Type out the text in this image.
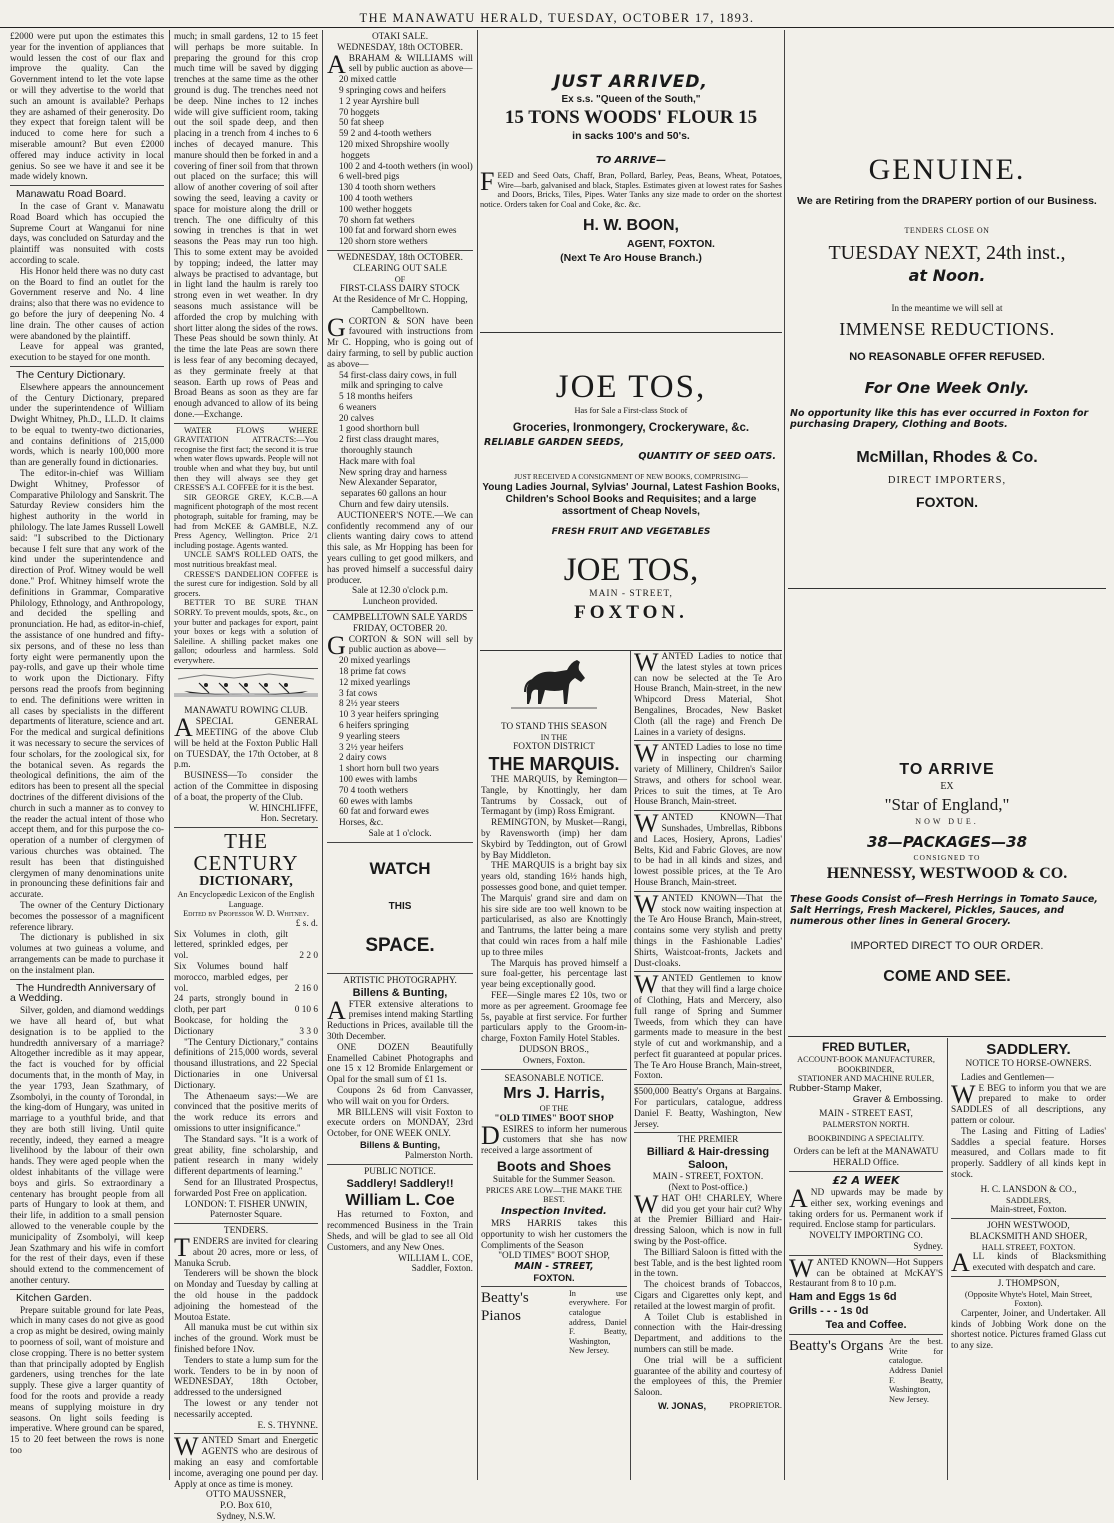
THE MANAWATU HERALD, TUESDAY, OCTOBER 17, 1893.

£2000 were put upon the estimates this year for the invention of appliances that would lessen the cost of our flax and improve the quality. Can the Government intend to let the vote lapse or will they advertise to the world that such an amount is available? Perhaps they are ashamed of their generosity. Do they expect that foreign talent will be induced to come here for such a miserable amount? But even £2000 offered may induce activity in local genius. So see we have it and see it be made widely known.

Manawatu Road Board.

In the case of Grant v. Manawatu Road Board which has occupied the Supreme Court at Wanganui for nine days, was concluded on Saturday and the plaintiff was nonsuited with costs according to scale.

His Honor held there was no duty cast on the Board to find an outlet for the Government reserve and No. 4 line drains; also that there was no evidence to go before the jury of deepening No. 4 line drain. The other causes of action were abandoned by the plaintiff.

Leave for appeal was granted, execution to be stayed for one month.

The Century Dictionary.

Elsewhere appears the announcement of the Century Dictionary, prepared under the superintendence of William Dwight Whitney, Ph.D., LL.D. It claims to be equal to twenty-two dictionaries, and contains definitions of 215,000 words, which is nearly 100,000 more than are generally found in dictionaries.

The editor-in-chief was William Dwight Whitney, Professor of Comparative Philology and Sanskrit. The Saturday Review considers him the highest authority in the world in philology. The late James Russell Lowell said: "I subscribed to the Dictionary because I felt sure that any work of the kind under the superintendence and direction of Prof. Witney would be well done." Prof. Whitney himself wrote the definitions in Grammar, Comparative Philology, Ethnology, and Anthropology, and decided the spelling and pronunciation. He had, as editor-in-chief, the assistance of one hundred and fifty-six persons, and of these no less than forty eight were permanently upon the pay-rolls, and gave up their whole time to work upon the Dictionary. Fifty persons read the proofs from beginning to end. The definitions were written in all cases by specialists in the different departments of literature, science and art. For the medical and surgical definitions it was necessary to secure the services of four scholars, for the zoological six, for the botanical seven. As regards the theological definitions, the aim of the editors has been to present all the special doctrines of the different divisions of the church in such a manner as to convey to the reader the actual intent of those who accept them, and for this purpose the co-operation of a number of clergymen of various churches was obtained. The result has been that distinguished clergymen of many denominations unite in pronouncing these definitions fair and accurate.

The owner of the Century Dictionary becomes the possessor of a magnificent reference library.

The dictionary is published in six volumes at two guineas a volume, and arrangements can be made to purchase it on the instalment plan.

The Hundredth Anniversary of a Wedding.

Silver, golden, and diamond weddings we have all heard of, but what designation is to be applied to the hundredth anniversary of a marriage? Altogether incredible as it may appear, the fact is vouched for by official documents that, in the month of May, in the year 1793, Jean Szathmary, of Zsombolyi, in the county of Torondal, in the king-dom of Hungary, was united in marriage to a youthful bride, and that they are both still living. Until quite recently, indeed, they earned a meagre livelihood by the labour of their own hands. They were aged people when the oldest inhabitants of the village were boys and girls. So extraordinary a centenary has brought people from all parts of Hungary to look at them, and their life, in addition to a small pension allowed to the venerable couple by the municipality of Zsombolyi, will keep Jean Szathmary and his wife in comfort for the rest of their days, even if these should extend to the commencement of another century.

Kitchen Garden.

Prepare suitable ground for late Peas, which in many cases do not give as good a crop as might be desired, owing mainly to poorness of soil, want of moisture and close cropping. There is no better system than that principally adopted by English gardeners, using trenches for the late supply. These give a larger quantity of food for the roots and provide a ready means of supplying moisture in dry seasons. On light soils feeding is imperative. Where ground can be spared, 15 to 20 feet between the rows is none too

much; in small gardens, 12 to 15 feet will perhaps be more suitable. In preparing the ground for this crop much time will be saved by digging trenches at the same time as the other ground is dug. The trenches need not be deep. Nine inches to 12 inches wide will give sufficient room, taking out the soil spade deep, and then placing in a trench from 4 inches to 6 inches of decayed manure. This manure should then be forked in and a covering of finer soil from that thrown out placed on the surface; this will allow of another covering of soil after sowing the seed, leaving a cavity or space for moisture along the drill or trench. The one difficulty of this sowing in trenches is that in wet seasons the Peas may run too high. This to some extent may be avoided by topping; indeed, the latter may always be practised to advantage, but in light land the haulm is rarely too strong even in wet weather. In dry seasons much assistance will be afforded the crop by mulching with short litter along the sides of the rows. These Peas should be sown thinly. At the time the late Peas are sown there is less fear of any becoming decayed, as they germinate freely at that season. Earth up rows of Peas and Broad Beans as soon as they are far enough advanced to allow of its being done.—Exchange.

WATER FLOWS WHERE GRAVITATION ATTRACTS:—You recognise the first fact; the second it is true when water flows upwards. People will not trouble when and what they buy, but until then they will always see they get CRESSE'S A.I. COFFEE for it is the best.

SIR GEORGE GREY, K.C.B.—A magnificent photograph of the most recent photograph, suitable for framing, may be had from McKEE & GAMBLE, N.Z. Press Agency, Wellington. Price 2/1 including postage. Agents wanted.

UNCLE SAM'S ROLLED OATS, the most nutritious breakfast meal.

CRESSE'S DANDELION COFFEE is the surest cure for indigestion. Sold by all grocers.

BETTER TO BE SURE THAN SORRY. To prevent moulds, spots, &c., on your butter and packages for export, paint your boxes or kegs with a solution of Saleiline. A shilling packet makes one gallon; odourless and harmless. Sold everywhere.

MANAWATU ROWING CLUB.

ASPECIAL GENERAL MEETING of the above Club will be held at the Foxton Public Hall on TUESDAY, the 17th October, at 8 p.m.

BUSINESS—To consider the action of the Committee in disposing of a boat, the property of the Club.

W. HINCHLIFFE,
Hon. Secretary.
THE CENTURY
DICTIONARY,
An Encyclopædic Lexicon of the English Language.
Edited by Professor W. D. Whitney.
£ s. d.
Six Volumes in cloth, gilt lettered, sprinkled edges, per vol.	2 2 0
Six Volumes bound half morocco, marbled edges, per vol.	2 16 0
24 parts, strongly bound in cloth, per part	0 10 6
Bookcase, for holding the Dictionary	3 3 0

"The Century Dictionary," contains definitions of 215,000 words, several thousand illustrations, and 22 Special Dictionaries in one Universal Dictionary.

The Athenaeum says:—We are convinced that the positive merits of the work reduce its errors and omissions to utter insignificance."

The Standard says. "It is a work of great ability, fine scholarship, and patient research in many widely different departments of learning."

Send for an Illustrated Prospectus, forwarded Post Free on application.

LONDON: T. FISHER UNWIN, Paternoster Square.

TENDERS.

TENDERS are invited for clearing about 20 acres, more or less, of Manuka Scrub.

Tenderers will be shown the block on Monday and Tuesday by calling at the old house in the paddock adjoining the homestead of the Moutoa Estate.

All manuka must be cut within six inches of the ground. Work must be finished before 1Nov.

Tenders to state a lump sum for the work. Tenders to be in by noon of WEDNESDAY, 18th October, addressed to the undersigned

The lowest or any tender not necessarily accepted.

E. S. THYNNE.

WANTED Smart and Energetic AGENTS who are desirous of making an easy and comfortable income, averaging one pound per day. Apply at once as time is money.

OTTO MAUSSNER,
P.O. Box 610,
Sydney, N.S.W.
OTAKI SALE.
WEDNESDAY, 18th OCTOBER.

ABRAHAM & WILLIAMS will sell by public auction as above—

20 mixed cattle
9 springing cows and heifers
1 2 year Ayrshire bull
70 hoggets
50 fat sheep
59 2 and 4-tooth wethers
120 mixed Shropshire woolly hoggets
100 2 and 4-tooth wethers (in wool)
6 well-bred pigs
130 4 tooth shorn wethers
100 4 tooth wethers
100 wether hoggets
70 shorn fat wethers
100 fat and forward shorn ewes
120 shorn store wethers
WEDNESDAY, 18th OCTOBER.
CLEARING OUT SALE
OF
FIRST-CLASS DAIRY STOCK
At the Residence of Mr C. Hopping, Campbelltown.

GCORTON & SON have been favoured with instructions from Mr C. Hopping, who is going out of dairy farming, to sell by public auction as above—

54 first-class dairy cows, in full milk and springing to calve
5 18 months heifers
6 weaners
20 calves
1 good shorthorn bull
2 first class draught mares, thoroughly staunch
Hack mare with foal
New spring dray and harness
New Alexander Separator, separates 60 gallons an hour
Churn and few dairy utensils.

AUCTIONEER'S NOTE.—We can confidently recommend any of our clients wanting dairy cows to attend this sale, as Mr Hopping has been for years culling to get good milkers, and has proved himself a successful dairy producer.

Sale at 12.30 o'clock p.m.
Luncheon provided.
CAMPBELLTOWN SALE YARDS
FRIDAY, OCTOBER 20.

GCORTON & SON will sell by public auction as above—

20 mixed yearlings
18 prime fat cows
12 mixed yearlings
3 fat cows
8 2½ year steers
10 3 year heifers springing
6 heifers springing
9 yearling steers
3 2½ year heifers
2 dairy cows
1 short horn bull two years
100 ewes with lambs
70 4 tooth wethers
60 ewes with lambs
60 fat and forward ewes
Horses, &c.
Sale at 1 o'clock.
WATCH
THIS
SPACE.
ARTISTIC PHOTOGRAPHY.
Billens & Bunting,

AFTER extensive alterations to premises intend making Startling Reductions in Prices, available till the 30th December.

ONE DOZEN Beautifully Enamelled Cabinet Photographs and one 15 x 12 Bromide Enlargement or Opal for the small sum of £1 1s.

Coupons 2s 6d from Canvasser, who will wait on you for Orders.

MR BILLENS will visit Foxton to execute orders on MONDAY, 23rd October, for ONE WEEK ONLY.

Billens & Bunting,
Palmerston North.
PUBLIC NOTICE.
Saddlery! Saddlery!!
William L. Coe

Has returned to Foxton, and recommenced Business in the Train Sheds, and will be glad to see all Old Customers, and any New Ones.

WILLIAM L. COE,
Saddler, Foxton.
JUST ARRIVED,
Ex s.s. "Queen of the South,"
15 TONS WOODS' FLOUR 15
in sacks 100's and 50's.
TO ARRIVE—

FEED and Seed Oats, Chaff, Bran, Pollard, Barley, Peas, Beans, Wheat, Potatoes, Wire—barb, galvanised and black, Staples. Estimates given at lowest rates for Sashes and Doors, Bricks, Tiles, Pipes. Water Tanks any size made to order on the shortest notice. Orders taken for Coal and Coke, &c. &c.

H. W. BOON,
AGENT, FOXTON.
(Next Te Aro House Branch.)
JOE TOS,
Has for Sale a First-class Stock of
Groceries, Ironmongery, Crockeryware, &c.
RELIABLE GARDEN SEEDS,
QUANTITY OF SEED OATS.
JUST RECEIVED A CONSIGNMENT OF NEW BOOKS, COMPRISING—
Young Ladies Journal, Sylvias' Journal, Latest Fashion Books, Children's School Books and Requisites; and a large assortment of Cheap Novels,
FRESH FRUIT AND VEGETABLES
JOE TOS,
MAIN - STREET,
FOXTON.
TO STAND THIS SEASON
IN THE
FOXTON DISTRICT
THE MARQUIS.

THE MARQUIS, by Remington—Tangle, by Knottingly, her dam Tantrums by Cossack, out of Termagant by (imp) Ross Emigrant.

REMINGTON, by Musket—Rangi, by Ravensworth (imp) her dam Skybird by Teddington, out of Growl by Bay Middleton.

THE MARQUIS is a bright bay six years old, standing 16½ hands high, possesses good bone, and quiet temper. The Marquis' grand sire and dam on his sire side are too well known to be particularised, as also are Knottingly and Tantrums, the latter being a mare that could win races from a half mile up to three miles

The Marquis has proved himself a sure foal-getter, his percentage last year being exceptionally good.

FEE—Single mares £2 10s, two or more as per agreement. Groomage fee 5s, payable at first service. For further particulars apply to the Groom-in-charge, Foxton Family Hotel Stables.

DUDSON BROS.,
Owners, Foxton.
SEASONABLE NOTICE.
Mrs J. Harris,
OF THE
"OLD TIMES" BOOT SHOP

DESIRES to inform her numerous customers that she has now received a large assortment of

Boots and Shoes
Suitable for the Summer Season.
PRICES ARE LOW—THE MAKE THE BEST.
Inspection Invited.

MRS HARRIS takes this opportunity to wish her customers the Compliments of the Season

"OLD TIMES" BOOT SHOP,
MAIN - STREET,
FOXTON.
Beatty's Pianos
In use everywhere. For catalogue address, Daniel F. Beatty, Washington, New Jersey.

WANTED Ladies to notice that the latest styles at town prices can now be selected at the Te Aro House Branch, Main-street, in the new Whipcord Dress Material, Shot Bengalines, Brocades, New Basket Cloth (all the rage) and French De Laines in a variety of designs.

WANTED Ladies to lose no time in inspecting our charming variety of Millinery, Children's Sailor Straws, and others for school wear. Prices to suit the times, at Te Aro House Branch, Main-street.

WANTED KNOWN—That Sunshades, Umbrellas, Ribbons and Laces, Hosiery, Aprons, Ladies' Belts, Kid and Fabric Gloves, are now to be had in all kinds and sizes, and lowest possible prices, at the Te Aro House Branch, Main-street.

WANTED KNOWN—That the stock now waiting inspection at the Te Aro House Branch, Main-street, contains some very stylish and pretty things in the Fashionable Ladies' Shirts, Waistcoat-fronts, Jackets and Dust-cloaks.

WANTED Gentlemen to know that they will find a large choice of Clothing, Hats and Mercery, also full range of Spring and Summer Tweeds, from which they can have garments made to measure in the best style of cut and workmanship, and a perfect fit guaranteed at popular prices. The Te Aro House Branch, Main-street, Foxton.

$500,000 Beatty's Organs at Bargains. For particulars, catalogue, address Daniel F. Beatty, Washington, New Jersey.

THE PREMIER
Billiard & Hair-dressing Saloon,
MAIN - STREET, FOXTON.
(Next to Post-office.)

WHAT OH! CHARLEY, Where did you get your hair cut? Why at the Premier Billiard and Hair-dressing Saloon, which is now in full swing by the Post-office.

The Billiard Saloon is fitted with the best Table, and is the best lighted room in the town.

The choicest brands of Tobaccos, Cigars and Cigarettes only kept, and retailed at the lowest margin of profit.

A Toilet Club is established in connection with the Hair-dressing Department, and additions to the numbers can still be made.

One trial will be a sufficient guarantee of the ability and courtesy of the employees of this, the Premier Saloon.

W. JONAS,	PROPRIETOR.
GENUINE.
We are Retiring from the DRAPERY portion of our Business.
TENDERS CLOSE ON
TUESDAY NEXT, 24th inst.,
at Noon.
In the meantime we will sell at
IMMENSE REDUCTIONS.
NO REASONABLE OFFER REFUSED.
For One Week Only.
No opportunity like this has ever occurred in Foxton for purchasing Drapery, Clothing and Boots.
McMillan, Rhodes & Co.
DIRECT IMPORTERS,
FOXTON.
TO ARRIVE
EX
"Star of England,"
NOW DUE.
38—PACKAGES—38
CONSIGNED TO
HENNESSY, WESTWOOD & CO.
These Goods Consist of—Fresh Herrings in Tomato Sauce, Salt Herrings, Fresh Mackerel, Pickles, Sauces, and numerous other lines in General Grocery.
IMPORTED DIRECT TO OUR ORDER.
COME AND SEE.
FRED BUTLER,
ACCOUNT-BOOK MANUFACTURER,
BOOKBINDER,
STATIONER AND MACHINE RULER,
Rubber-Stamp Maker,
Graver & Embossing.
MAIN - STREET EAST,
PALMERSTON NORTH.
BOOKBINDING A SPECIALITY.
Orders can be left at the MANAWATU HERALD Office.
£2 A WEEK

AND upwards may be made by either sex, working evenings and taking orders for us. Permanent work if required. Enclose stamp for particulars.

NOVELTY IMPORTING CO.
Sydney.

WANTED KNOWN—Hot Suppers can be obtained at McKAY'S Restaurant from 8 to 10 p.m.

Ham and Eggs 1s 6d
Grills - - - 1s 0d
Tea and Coffee.
Beatty's Organs Are the best. Write for catalogue. Address Daniel F. Beatty, Washington, New Jersey.
SADDLERY.
NOTICE TO HORSE-OWNERS.
Ladies and Gentlemen—

W E BEG to inform you that we are prepared to make to order SADDLES of all descriptions, any pattern or colour.

The Lasing and Fitting of Ladies' Saddles a special feature. Horses measured, and Collars made to fit properly. Saddlery of all kinds kept in stock.

H. C. LANSDON & CO.,
SADDLERS,
Main-street, Foxton.
JOHN WESTWOOD,
BLACKSMITH AND SHOER,
HALL STREET, FOXTON.

ALL kinds of Blacksmithing executed with despatch and care.

J. THOMPSON,
(Opposite Whyte's Hotel, Main Street, Foxton).

Carpenter, Joiner, and Undertaker. All kinds of Jobbing Work done on the shortest notice. Pictures framed Glass cut to any size.
